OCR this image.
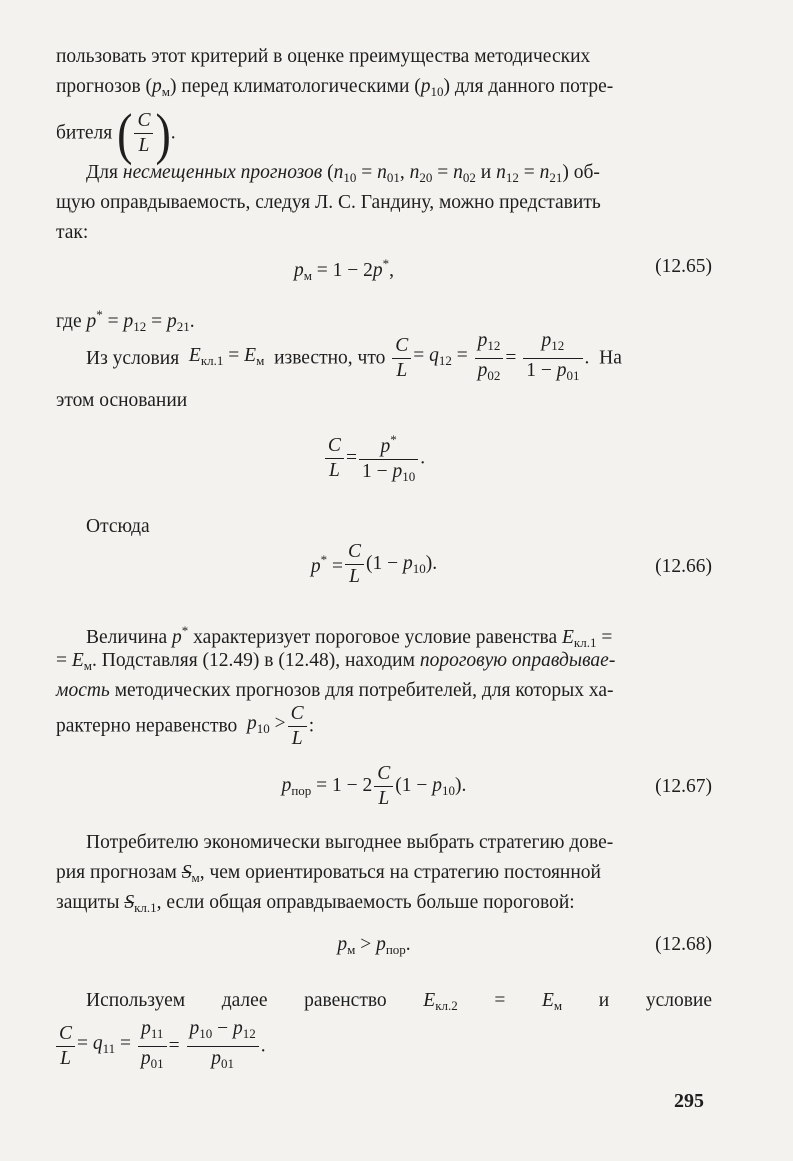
пользовать этот критерий в оценке преимущества методических
прогнозов $(p_м)$ перед климатологическими $(p_{10})$ для данного потре-
бителя ( $\frac{C}{L}$ ).
Для несмещенных прогнозов ($n_{10} = n_{01}$, $n_{20} = n_{02}$ и $n_{12} = n_{21}$) об-
щую оправдываемость, следуя Л. С. Гандину, можно представить
так:
$p_м = 1 - 2p^*$,	(12.65)
где $p^* = p_{12} = p_{21}$.
Из условия $E_{кл.1} = E_м$ известно, что $\frac{C}{L} = q_{12} = \frac{p_{12}}{p_{02}} = \frac{p_{12}}{1 - p_{01}}$ .  На
этом основании
$\frac{C}{L} = \frac{p^*}{1 - p_{10}}$ .
Отсюда
$p^* = \frac{C}{L} (1 - p_{10})$.	(12.66)
Величина p* характеризует пороговое условие равенства $E_{кл.1}$ =
= $E_м$. Подставляя (12.49) в (12.48), находим пороговую оправдывае-
мость методических прогнозов для потребителей, для которых ха-
рактерно неравенство $p_{10} > \frac{C}{L}$ :
$p_{пор} = 1 - 2 \frac{C}{L} (1 - p_{10})$.	(12.67)
Потребителю экономически выгоднее выбрать стратегию дове-
рия прогнозам $S_м$, чем ориентироваться на стратегию постоянной
защиты $S_{кл.1}$, если общая оправдываемость больше пороговой:
$p_м > p_{пор}$.	(12.68)
Используем далее равенство $E_{кл.2} = E_м$ и условие
$\frac{C}{L} = q_{11} = \frac{p_{11}}{p_{01}} = \frac{p_{10} - p_{12}}{p_{01}}$ .
295
